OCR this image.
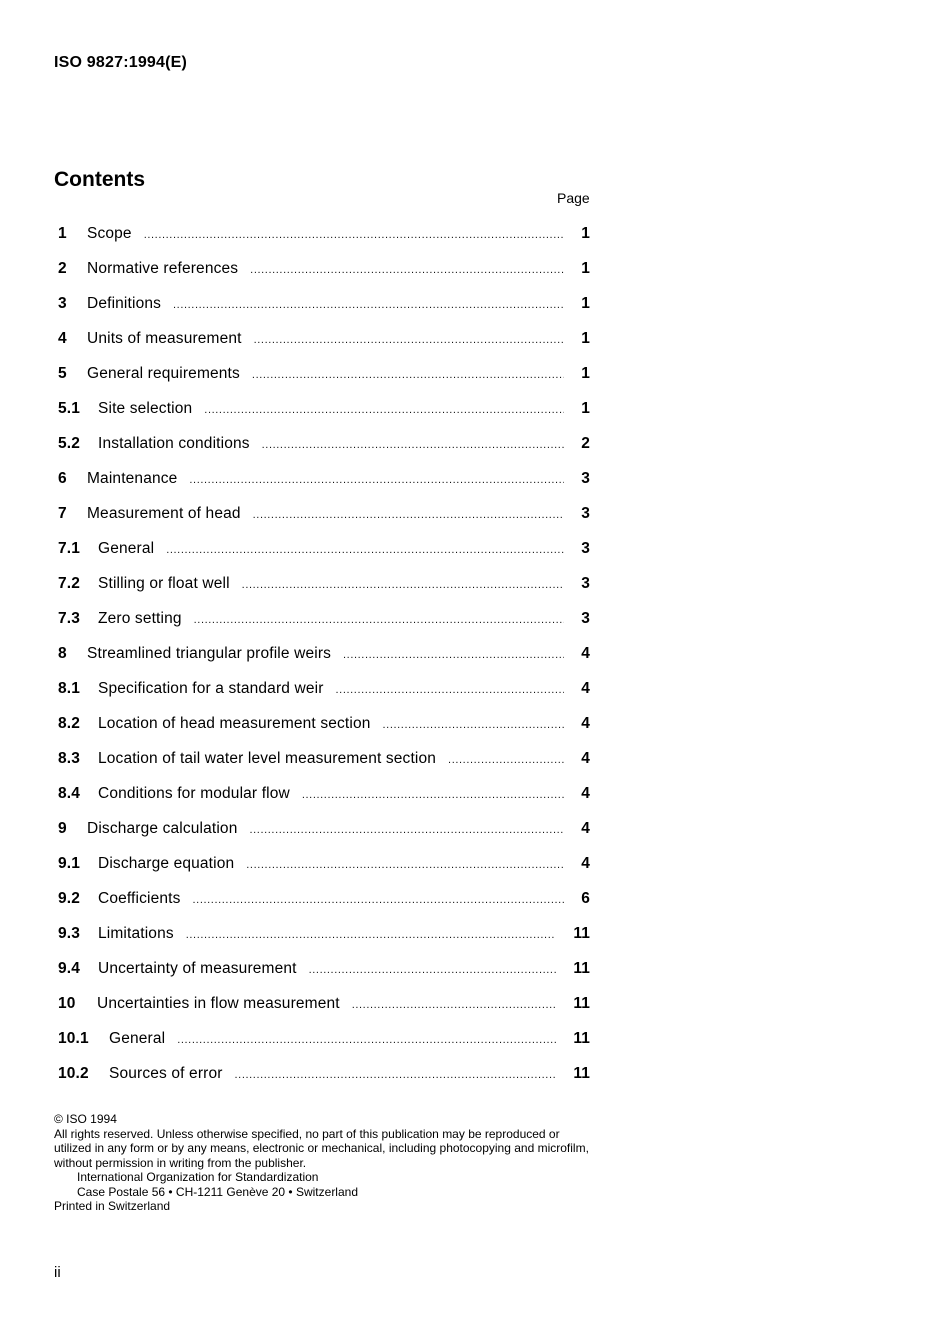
ISO 9827:1994(E)
Contents
Page
1	Scope .....	1
2	Normative references .....	1
3	Definitions .....	1
4	Units of measurement .....	1
5	General requirements .....	1
5.1	Site selection .....	1
5.2	Installation conditions .....	2
6	Maintenance .....	3
7	Measurement of head .....	3
7.1	General .....	3
7.2	Stilling or float well .....	3
7.3	Zero setting .....	3
8	Streamlined triangular profile weirs .....	4
8.1	Specification for a standard weir .....	4
8.2	Location of head measurement section .....	4
8.3	Location of tail water level measurement section .....	4
8.4	Conditions for modular flow .....	4
9	Discharge calculation .....	4
9.1	Discharge equation .....	4
9.2	Coefficients .....	6
9.3	Limitations .....	11
9.4	Uncertainty of measurement .....	11
10	Uncertainties in flow measurement .....	11
10.1	General .....	11
10.2	Sources of error .....	11

© ISO 1994

All rights reserved. Unless otherwise specified, no part of this publication may be reproduced or utilized in any form or by any means, electronic or mechanical, including photocopying and microfilm, without permission in writing from the publisher.

International Organization for Standardization

Case Postale 56 • CH-1211 Genève 20 • Switzerland

Printed in Switzerland

ii
